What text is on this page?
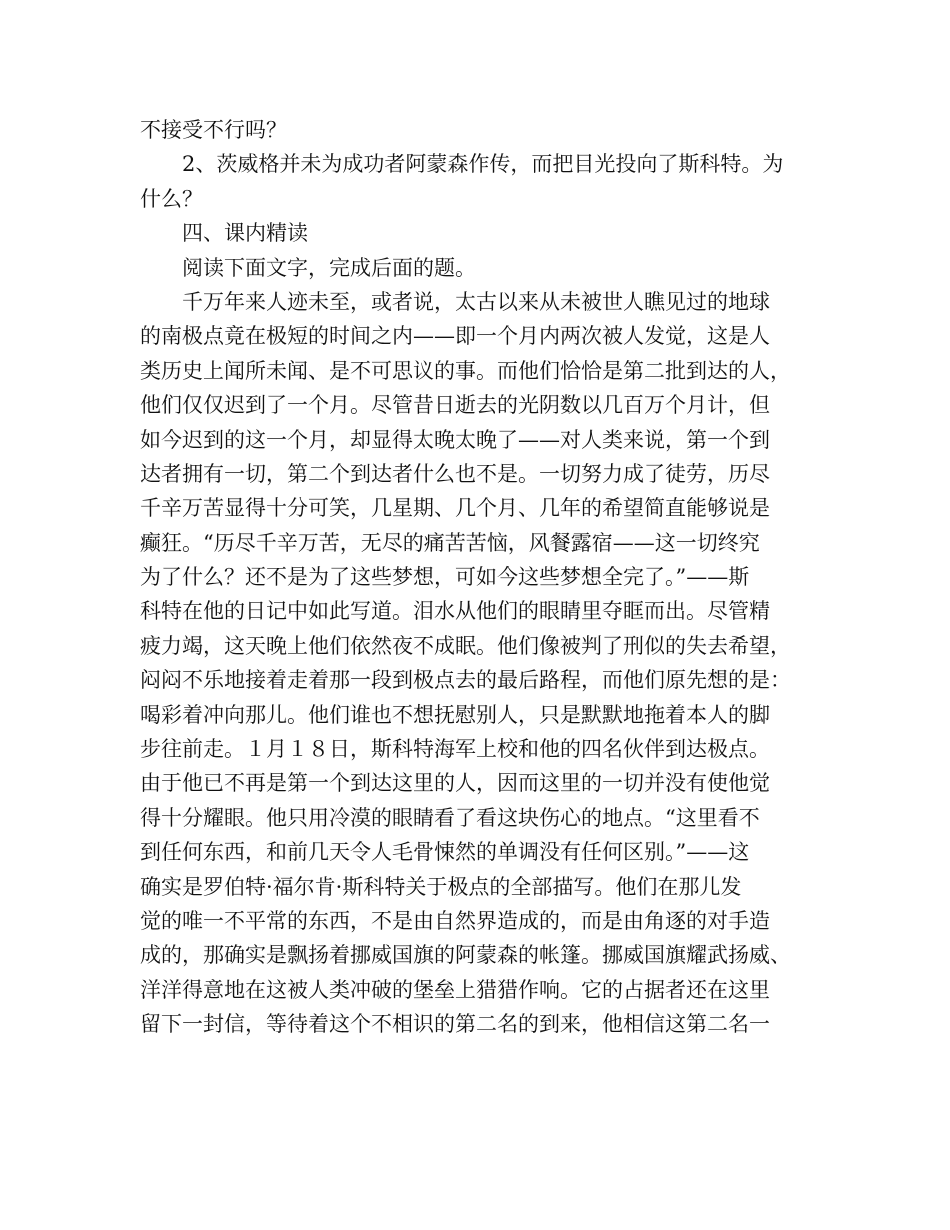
不接受不行吗？
2、茨威格并未为成功者阿蒙森作传，而把目光投向了斯科特。为
什么？
四、课内精读
阅读下面文字，完成后面的题。
千万年来人迹未至，或者说，太古以来从未被世人瞧见过的地球
的南极点竟在极短的时间之内——即一个月内两次被人发觉，这是人
类历史上闻所未闻、是不可思议的事。而他们恰恰是第二批到达的人，
他们仅仅迟到了一个月。尽管昔日逝去的光阴数以几百万个月计，但
如今迟到的这一个月，却显得太晚太晚了——对人类来说，第一个到
达者拥有一切，第二个到达者什么也不是。一切努力成了徒劳，历尽
千辛万苦显得十分可笑，几星期、几个月、几年的希望简直能够说是
癫狂。“历尽千辛万苦，无尽的痛苦苦恼，风餐露宿——这一切终究
为了什么？还不是为了这些梦想，可如今这些梦想全完了。”——斯
科特在他的日记中如此写道。泪水从他们的眼睛里夺眶而出。尽管精
疲力竭，这天晚上他们依然夜不成眠。他们像被判了刑似的失去希望，
闷闷不乐地接着走着那一段到极点去的最后路程，而他们原先想的是：
喝彩着冲向那儿。他们谁也不想抚慰别人，只是默默地拖着本人的脚
步往前走。１月１８日，斯科特海军上校和他的四名伙伴到达极点。
由于他已不再是第一个到达这里的人，因而这里的一切并没有使他觉
得十分耀眼。他只用冷漠的眼睛看了看这块伤心的地点。“这里看不
到任何东西，和前几天令人毛骨悚然的单调没有任何区别。”——这
确实是罗伯特·福尔肯·斯科特关于极点的全部描写。他们在那儿发
觉的唯一不平常的东西，不是由自然界造成的，而是由角逐的对手造
成的，那确实是飘扬着挪威国旗的阿蒙森的帐篷。挪威国旗耀武扬威、
洋洋得意地在这被人类冲破的堡垒上猎猎作响。它的占据者还在这里
留下一封信，等待着这个不相识的第二名的到来，他相信这第二名一
